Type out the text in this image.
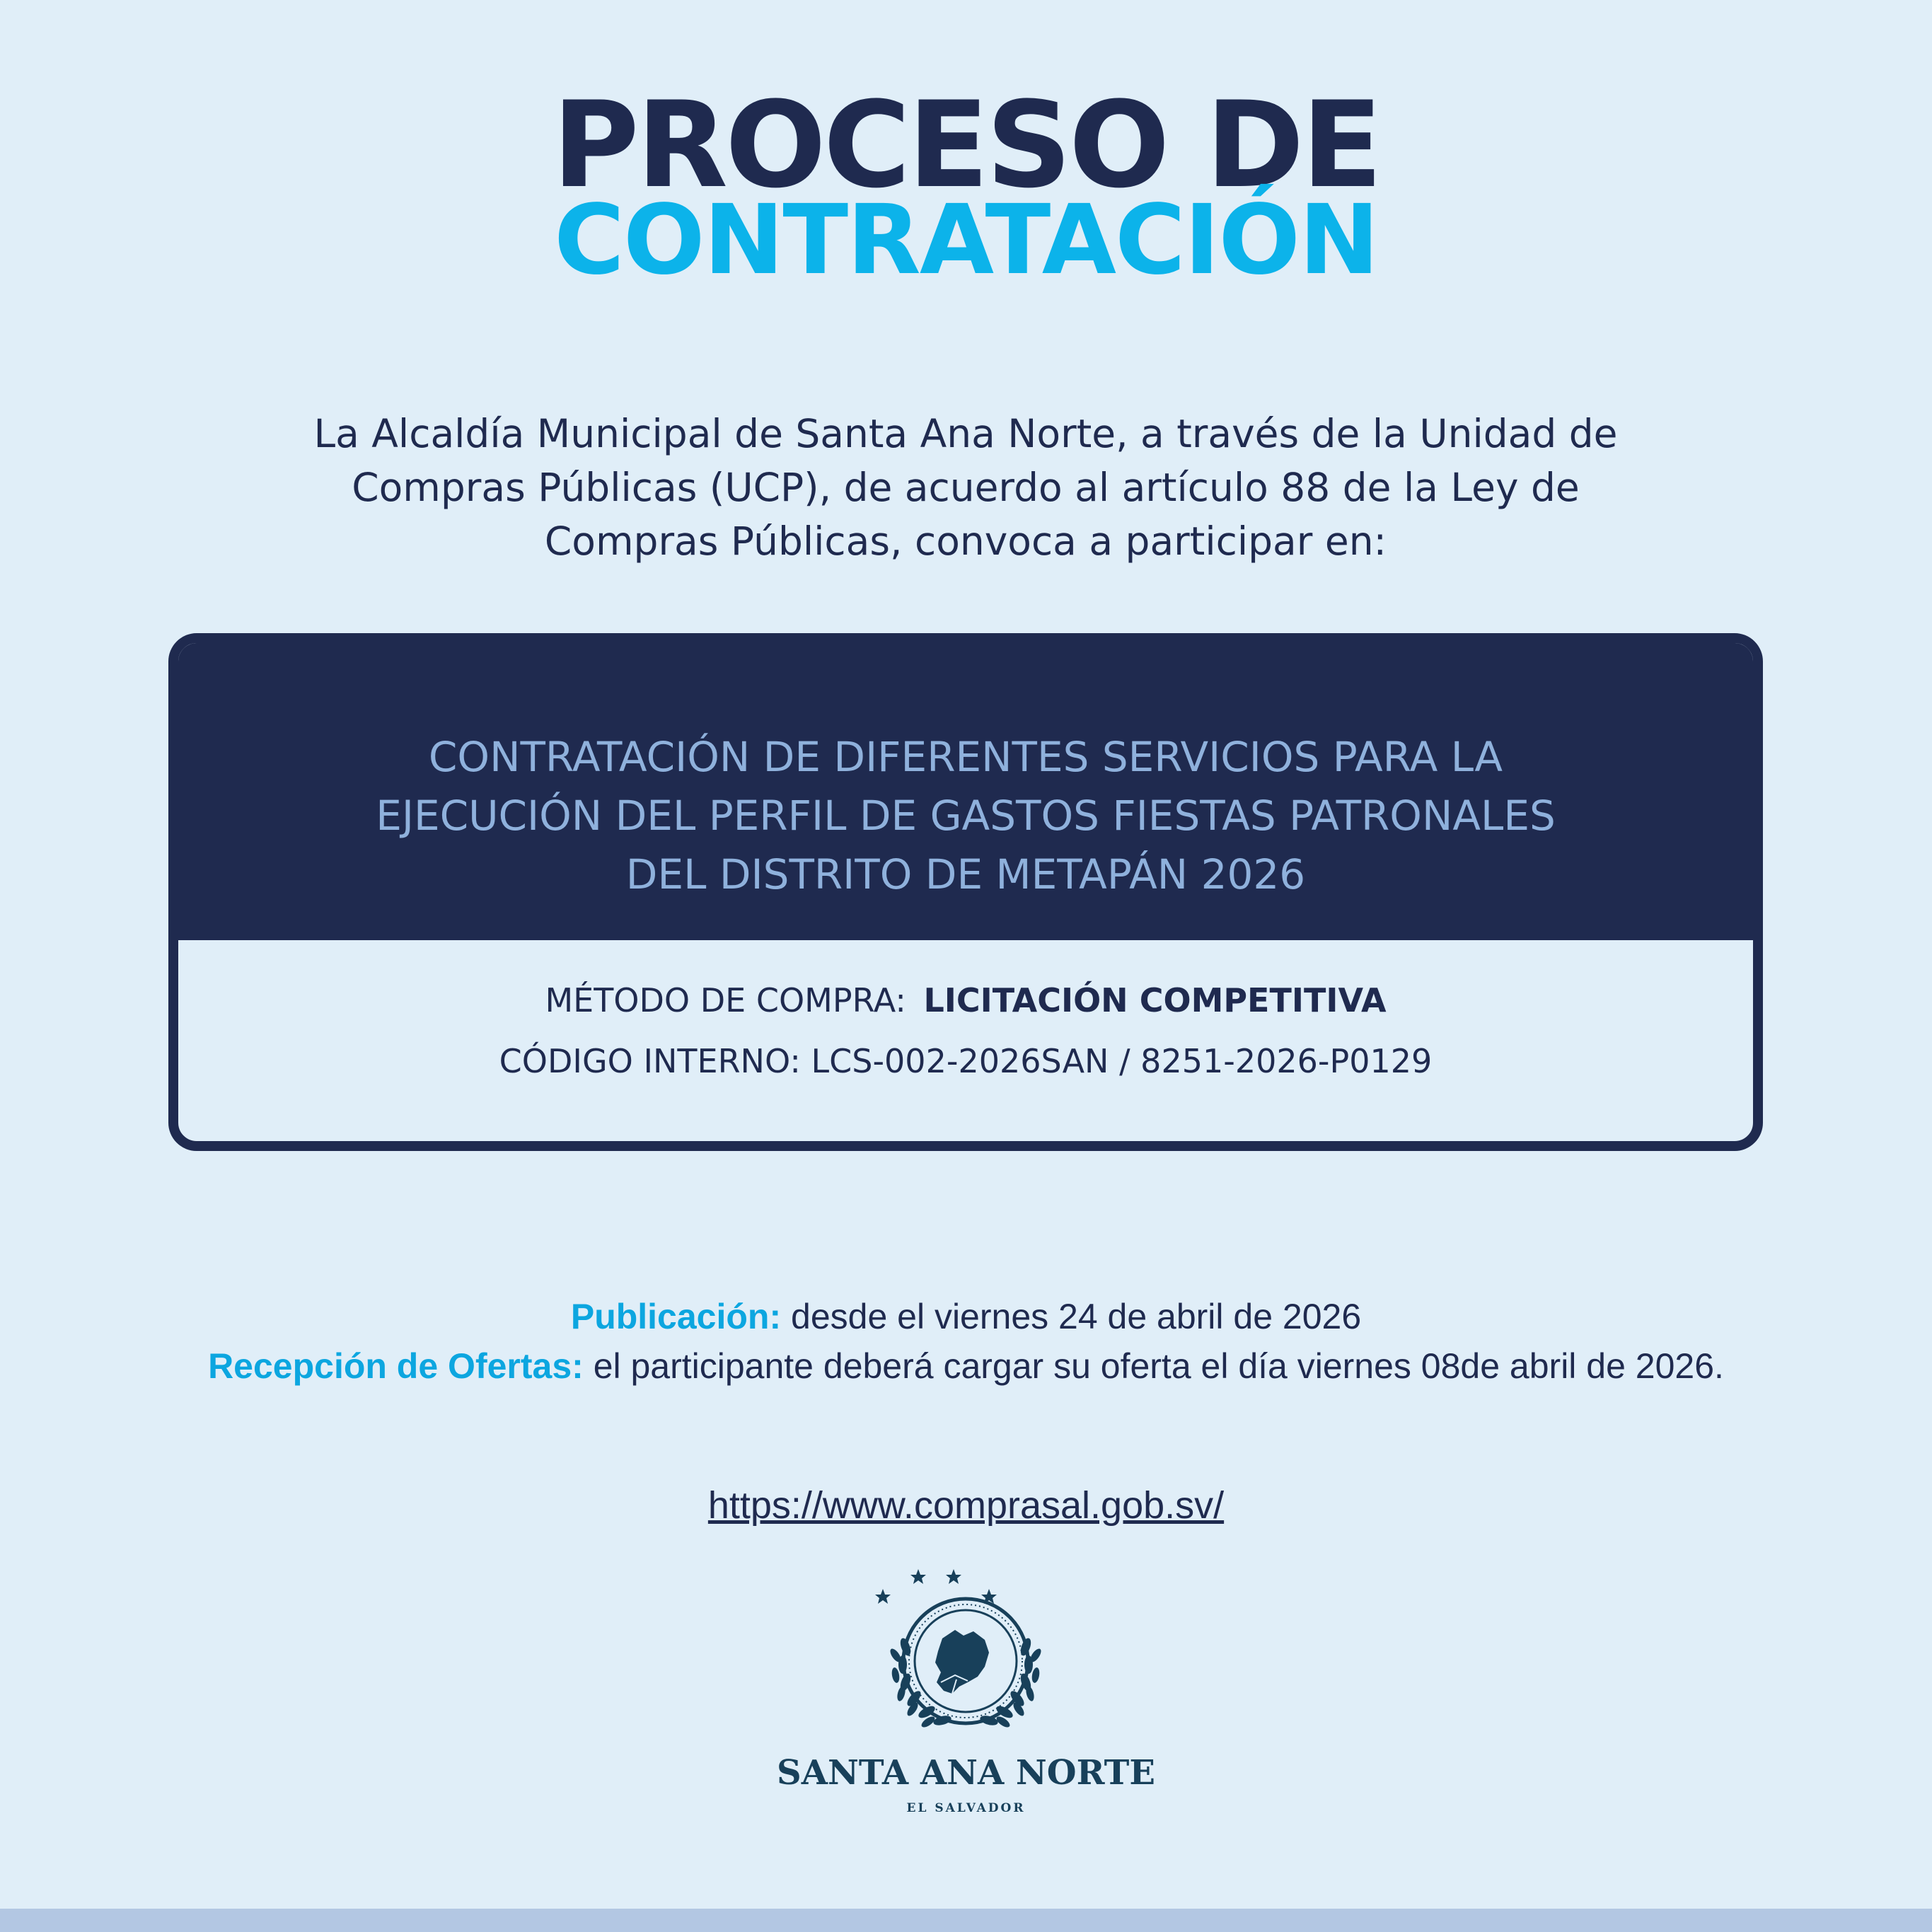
PROCESO DE
CONTRATACIÓN
La Alcaldía Municipal de Santa Ana Norte, a través de la Unidad de
Compras Públicas (UCP), de acuerdo al artículo 88 de la Ley de
Compras Públicas, convoca a participar en:
CONTRATACIÓN DE DIFERENTES SERVICIOS PARA LA
EJECUCIÓN DEL PERFIL DE GASTOS FIESTAS PATRONALES
DEL DISTRITO DE METAPÁN 2026
MÉTODO DE COMPRA: LICITACIÓN COMPETITIVA
CÓDIGO INTERNO: LCS-002-2026SAN / 8251-2026-P0129
Publicación: desde el viernes 24 de abril de 2026
Recepción de Ofertas: el participante deberá cargar su oferta el día viernes 08de abril de 2026.
https://www.comprasal.gob.sv/
SANTA ANA NORTE
EL SALVADOR
